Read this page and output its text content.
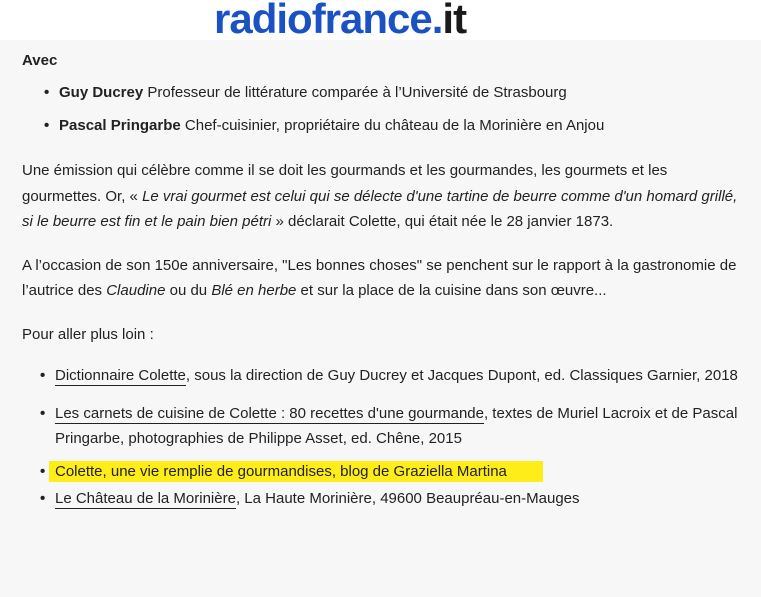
radiofrance.it
Avec
• Guy Ducrey Professeur de littérature comparée à l’Université de Strasbourg
• Pascal Pringarbe Chef-cuisinier, propriétaire du château de la Morinière en Anjou

Une émission qui célèbre comme il se doit les gourmands et les gourmandes, les gourmets et les gourmettes. Or, « Le vrai gourmet est celui qui se délecte d'une tartine de beurre comme d'un homard grillé, si le beurre est fin et le pain bien pétri » déclarait Colette, qui était née le 28 janvier 1873.

A l’occasion de son 150e anniversaire, "Les bonnes choses" se penchent sur le rapport à la gastronomie de l’autrice des Claudine ou du Blé en herbe et sur la place de la cuisine dans son œuvre...

Pour aller plus loin :

• Dictionnaire Colette, sous la direction de Guy Ducrey et Jacques Dupont, ed. Classiques Garnier, 2018
• Les carnets de cuisine de Colette : 80 recettes d'une gourmande, textes de Muriel Lacroix et de Pascal Pringarbe, photographies de Philippe Asset, ed. Chêne, 2015
• Colette, une vie remplie de gourmandises, blog de Graziella Martina
• Le Château de la Morinière, La Haute Morinière, 49600 Beaupréau-en-Mauges
